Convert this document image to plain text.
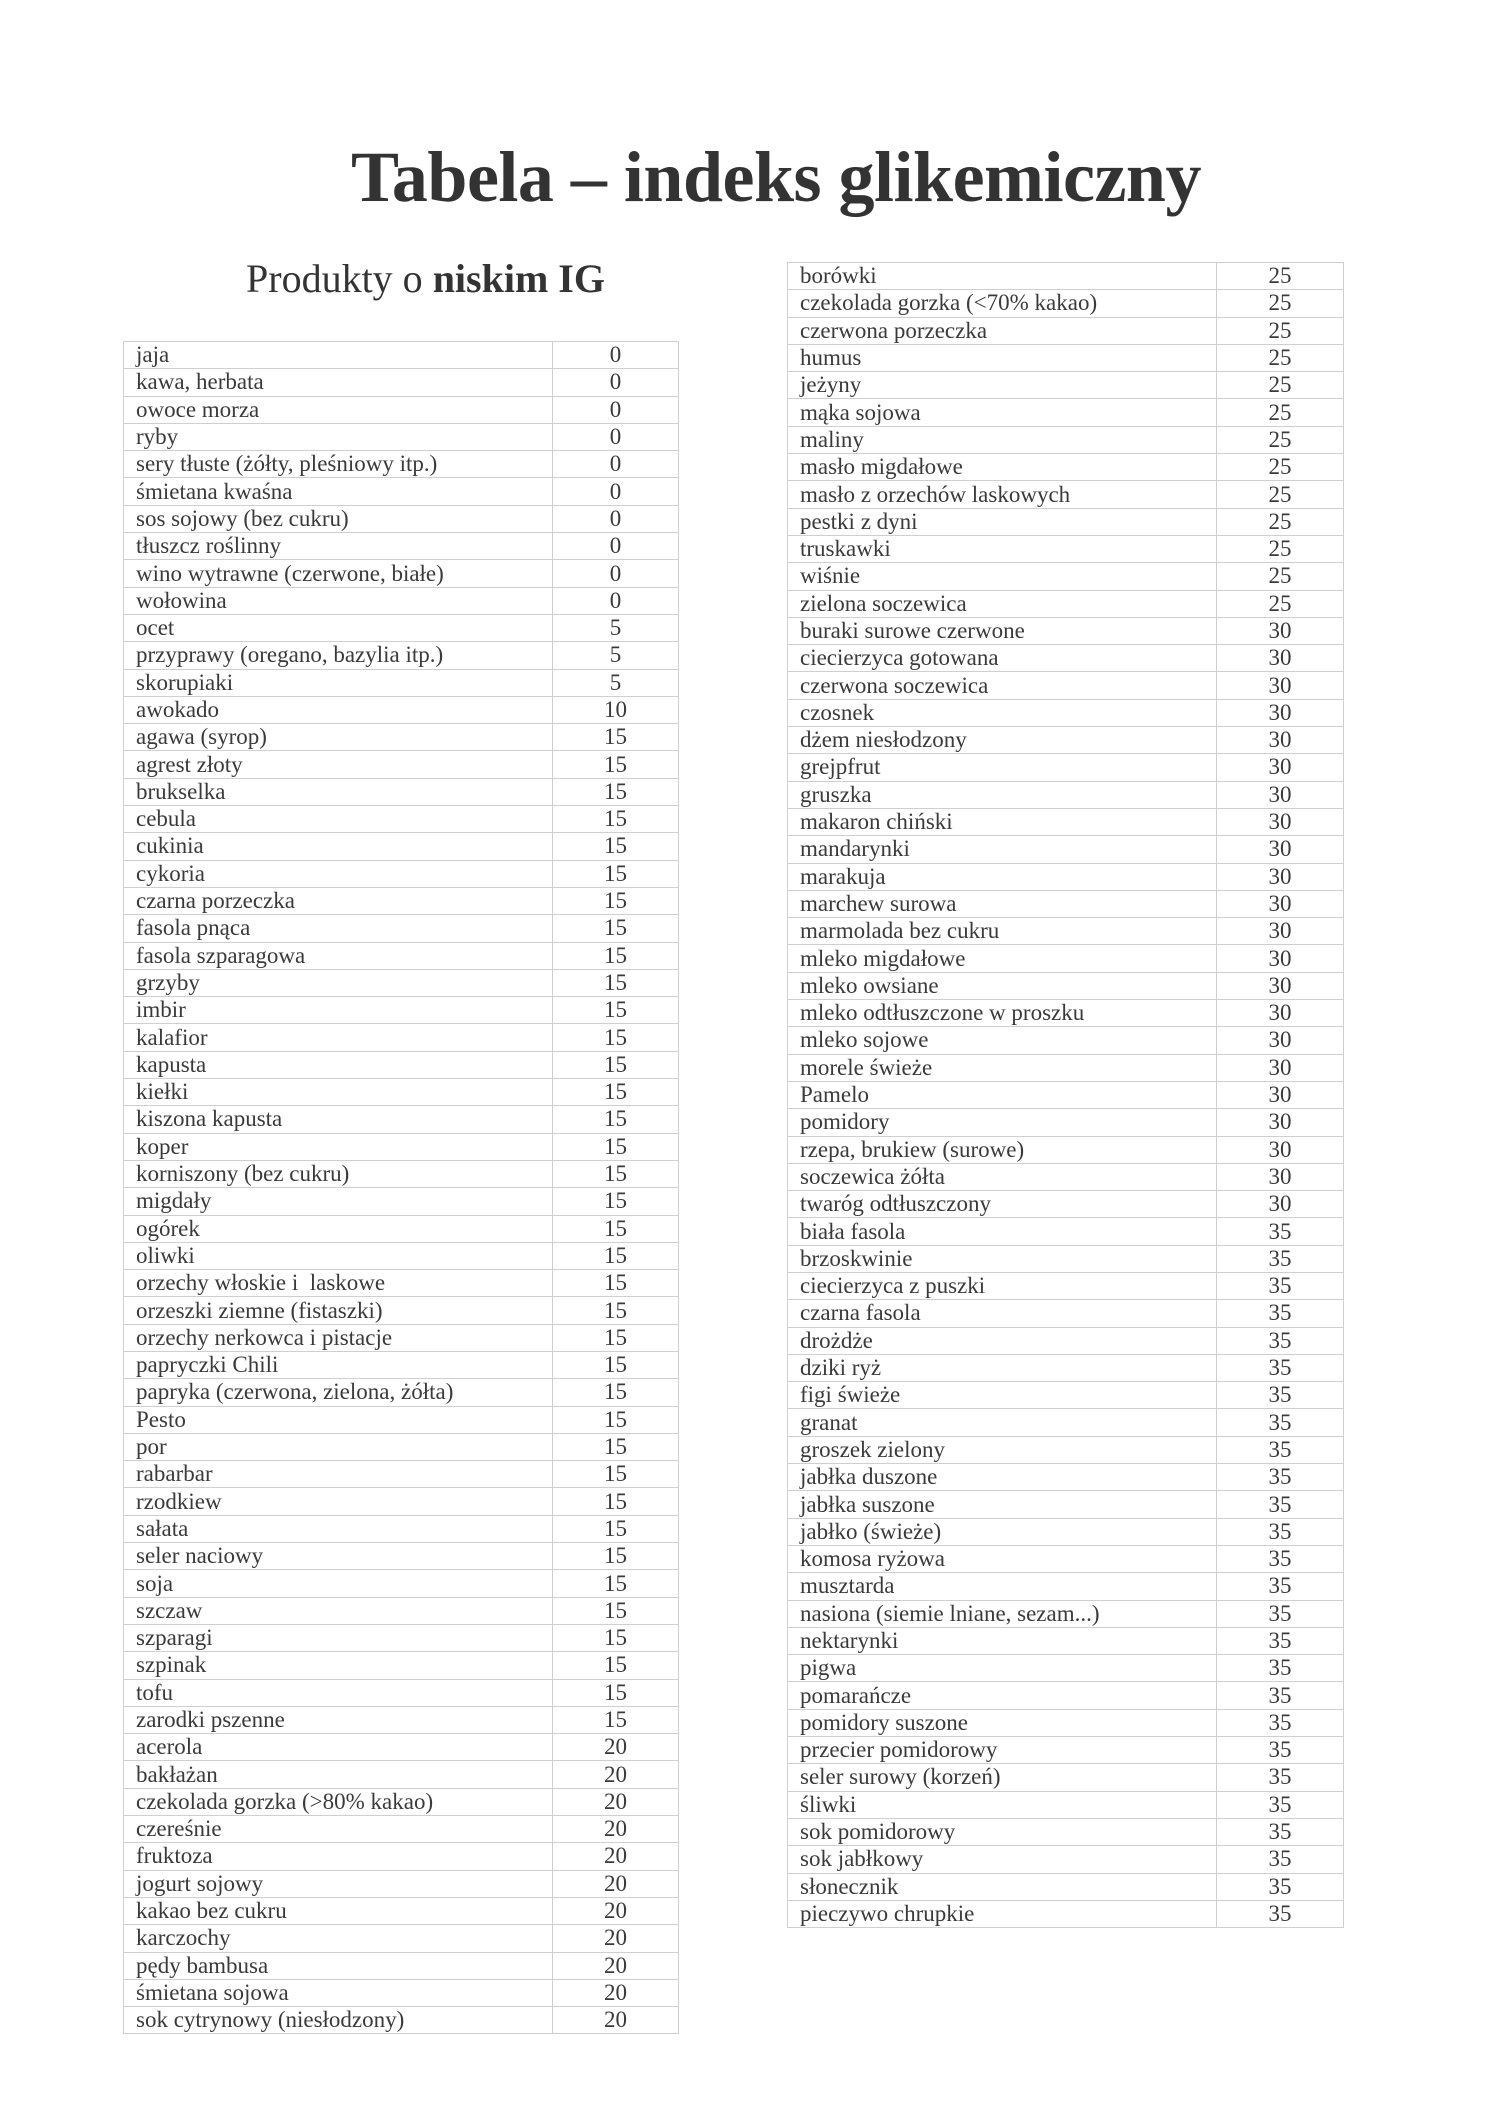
Tabela – indeks glikemiczny
Produkty o niskim IG
jaja	0
kawa, herbata	0
owoce morza	0
ryby	0
sery tłuste (żółty, pleśniowy itp.)	0
śmietana kwaśna	0
sos sojowy (bez cukru)	0
tłuszcz roślinny	0
wino wytrawne (czerwone, białe)	0
wołowina	0
ocet	5
przyprawy (oregano, bazylia itp.)	5
skorupiaki	5
awokado	10
agawa (syrop)	15
agrest złoty	15
brukselka	15
cebula	15
cukinia	15
cykoria	15
czarna porzeczka	15
fasola pnąca	15
fasola szparagowa	15
grzyby	15
imbir	15
kalafior	15
kapusta	15
kiełki	15
kiszona kapusta	15
koper	15
korniszony (bez cukru)	15
migdały	15
ogórek	15
oliwki	15
orzechy włoskie i  laskowe	15
orzeszki ziemne (fistaszki)	15
orzechy nerkowca i pistacje	15
papryczki Chili	15
papryka (czerwona, zielona, żółta)	15
Pesto	15
por	15
rabarbar	15
rzodkiew	15
sałata	15
seler naciowy	15
soja	15
szczaw	15
szparagi	15
szpinak	15
tofu	15
zarodki pszenne	15
acerola	20
bakłażan	20
czekolada gorzka (>80% kakao)	20
czereśnie	20
fruktoza	20
jogurt sojowy	20
kakao bez cukru	20
karczochy	20
pędy bambusa	20
śmietana sojowa	20
sok cytrynowy (niesłodzony)	20
borówki	25
czekolada gorzka (<70% kakao)	25
czerwona porzeczka	25
humus	25
jeżyny	25
mąka sojowa	25
maliny	25
masło migdałowe	25
masło z orzechów laskowych	25
pestki z dyni	25
truskawki	25
wiśnie	25
zielona soczewica	25
buraki surowe czerwone	30
ciecierzyca gotowana	30
czerwona soczewica	30
czosnek	30
dżem niesłodzony	30
grejpfrut	30
gruszka	30
makaron chiński	30
mandarynki	30
marakuja	30
marchew surowa	30
marmolada bez cukru	30
mleko migdałowe	30
mleko owsiane	30
mleko odtłuszczone w proszku	30
mleko sojowe	30
morele świeże	30
Pamelo	30
pomidory	30
rzepa, brukiew (surowe)	30
soczewica żółta	30
twaróg odtłuszczony	30
biała fasola	35
brzoskwinie	35
ciecierzyca z puszki	35
czarna fasola	35
drożdże	35
dziki ryż	35
figi świeże	35
granat	35
groszek zielony	35
jabłka duszone	35
jabłka suszone	35
jabłko (świeże)	35
komosa ryżowa	35
musztarda	35
nasiona (siemie lniane, sezam...)	35
nektarynki	35
pigwa	35
pomarańcze	35
pomidory suszone	35
przecier pomidorowy	35
seler surowy (korzeń)	35
śliwki	35
sok pomidorowy	35
sok jabłkowy	35
słonecznik	35
pieczywo chrupkie	35
